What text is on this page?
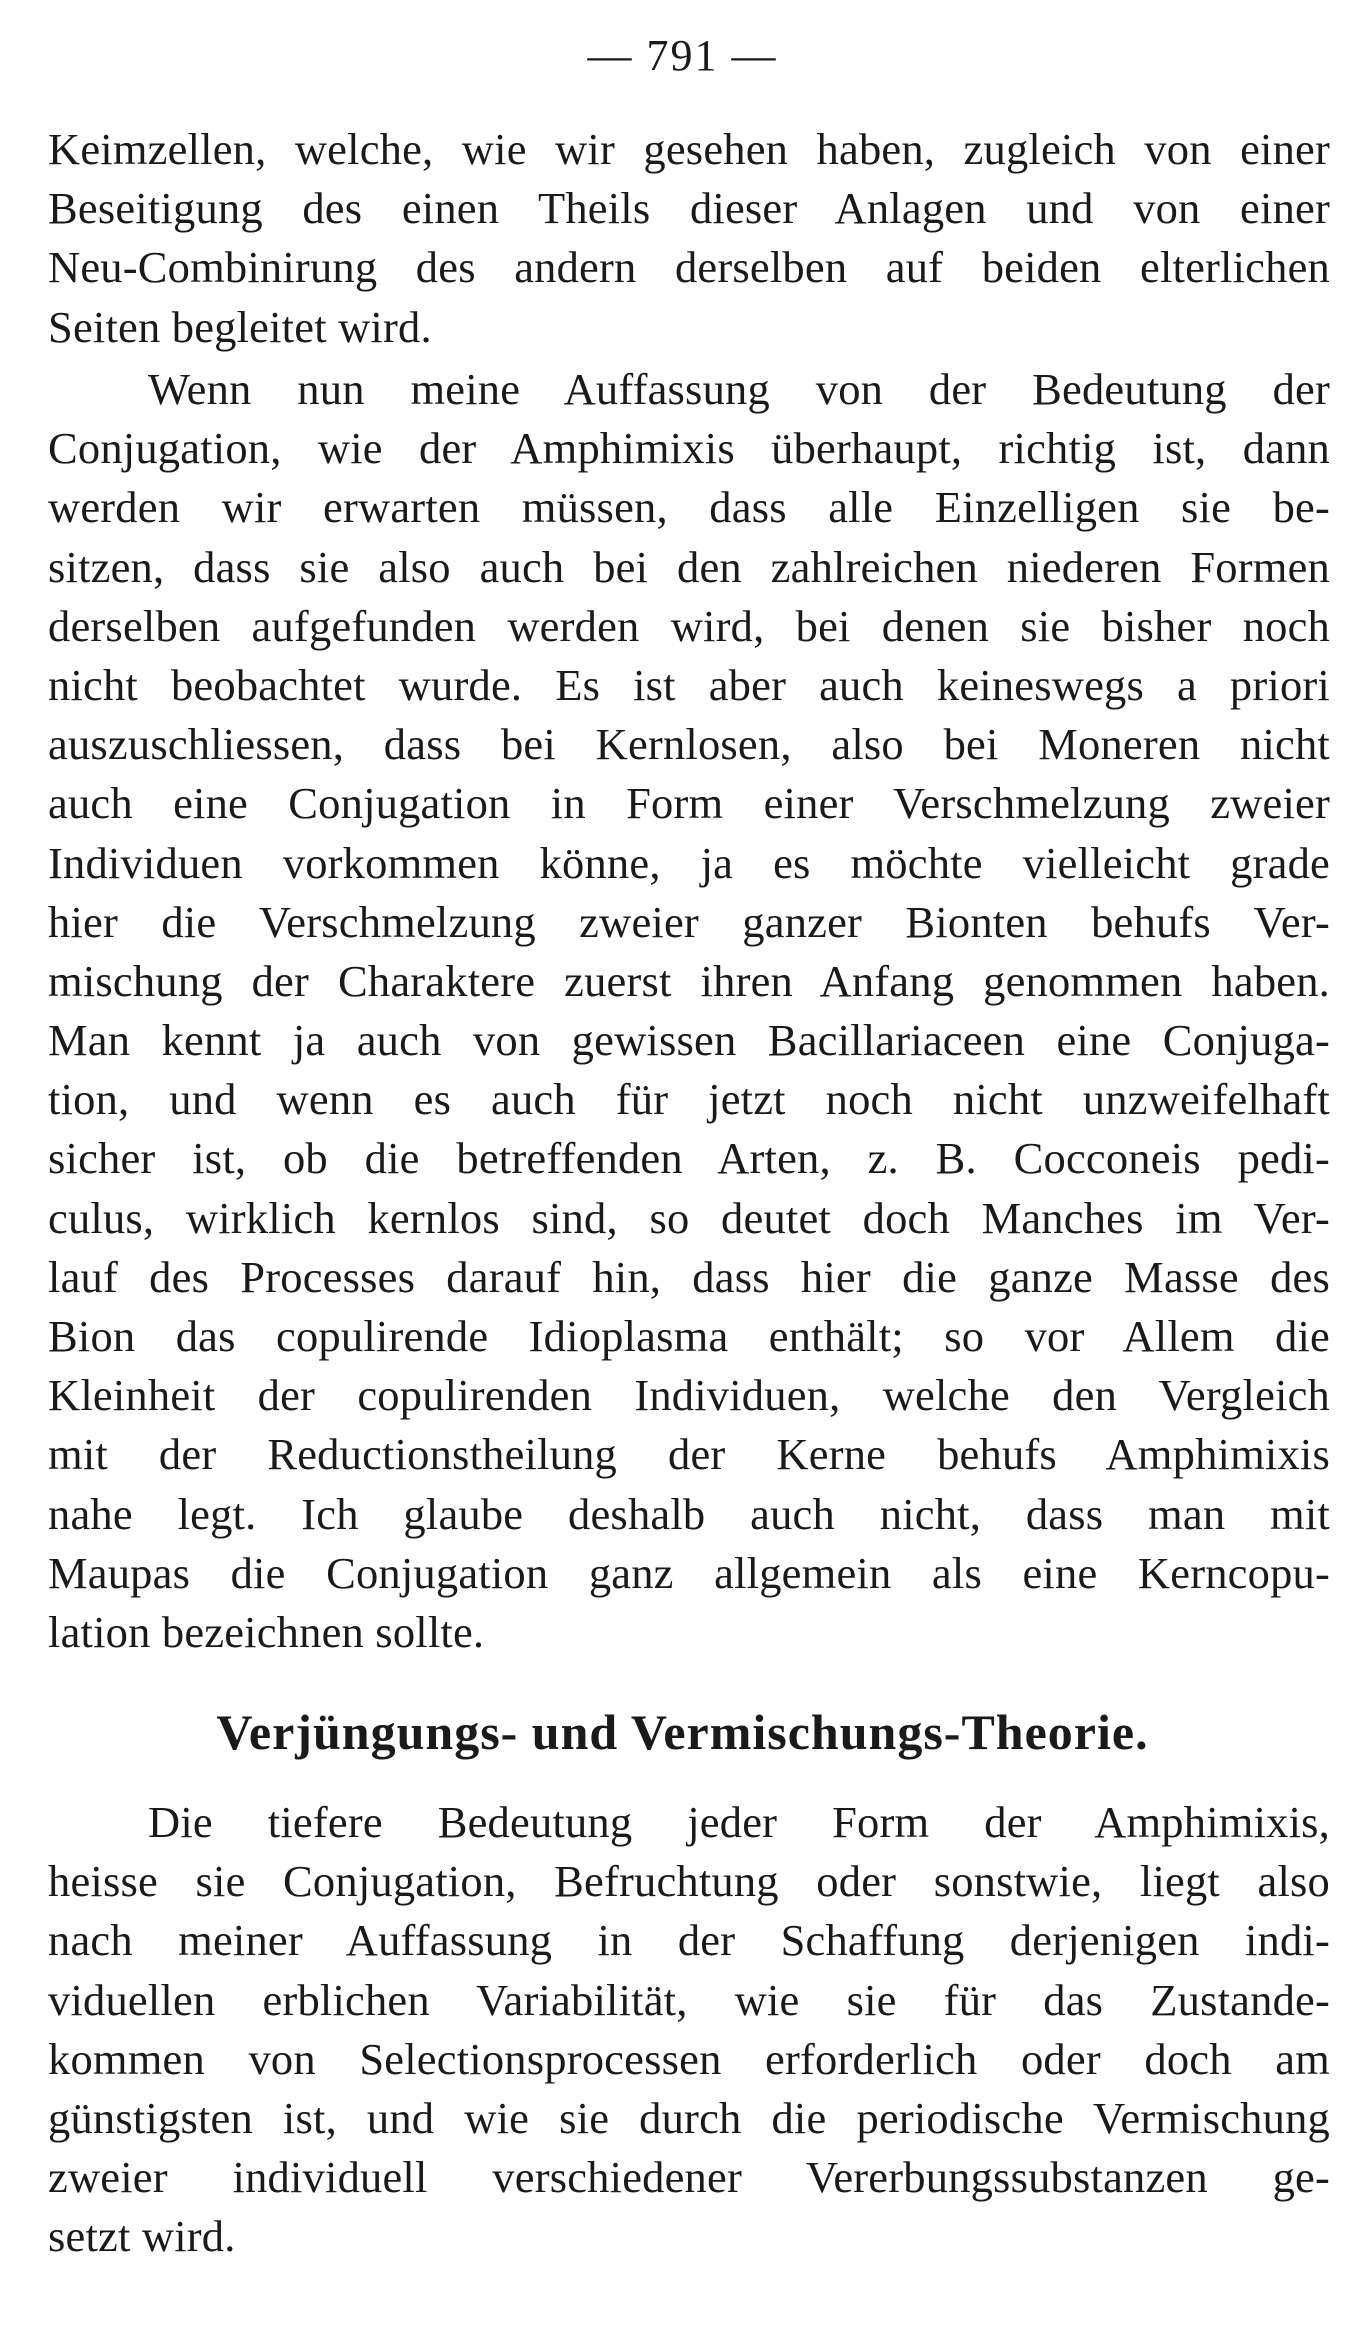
— 791 —
Keimzellen, welche, wie wir gesehen haben, zugleich von einer
Beseitigung des einen Theils dieser Anlagen und von einer
Neu-Combinirung des andern derselben auf beiden elterlichen
Seiten begleitet wird.
Wenn nun meine Auffassung von der Bedeutung der
Conjugation, wie der Amphimixis überhaupt, richtig ist, dann
werden wir erwarten müssen, dass alle Einzelligen sie be-
sitzen, dass sie also auch bei den zahlreichen niederen Formen
derselben aufgefunden werden wird, bei denen sie bisher noch
nicht beobachtet wurde. Es ist aber auch keineswegs a priori
auszuschliessen, dass bei Kernlosen, also bei Moneren nicht
auch eine Conjugation in Form einer Verschmelzung zweier
Individuen vorkommen könne, ja es möchte vielleicht grade
hier die Verschmelzung zweier ganzer Bionten behufs Ver-
mischung der Charaktere zuerst ihren Anfang genommen haben.
Man kennt ja auch von gewissen Bacillariaceen eine Conjuga-
tion, und wenn es auch für jetzt noch nicht unzweifelhaft
sicher ist, ob die betreffenden Arten, z. B. Cocconeis pedi-
culus, wirklich kernlos sind, so deutet doch Manches im Ver-
lauf des Processes darauf hin, dass hier die ganze Masse des
Bion das copulirende Idioplasma enthält; so vor Allem die
Kleinheit der copulirenden Individuen, welche den Vergleich
mit der Reductionstheilung der Kerne behufs Amphimixis
nahe legt. Ich glaube deshalb auch nicht, dass man mit
Maupas die Conjugation ganz allgemein als eine Kerncopu-
lation bezeichnen sollte.
Verjüngungs- und Vermischungs-Theorie.
Die tiefere Bedeutung jeder Form der Amphimixis,
heisse sie Conjugation, Befruchtung oder sonstwie, liegt also
nach meiner Auffassung in der Schaffung derjenigen indi-
viduellen erblichen Variabilität, wie sie für das Zustande-
kommen von Selectionsprocessen erforderlich oder doch am
günstigsten ist, und wie sie durch die periodische Vermischung
zweier individuell verschiedener Vererbungssubstanzen ge-
setzt wird.
